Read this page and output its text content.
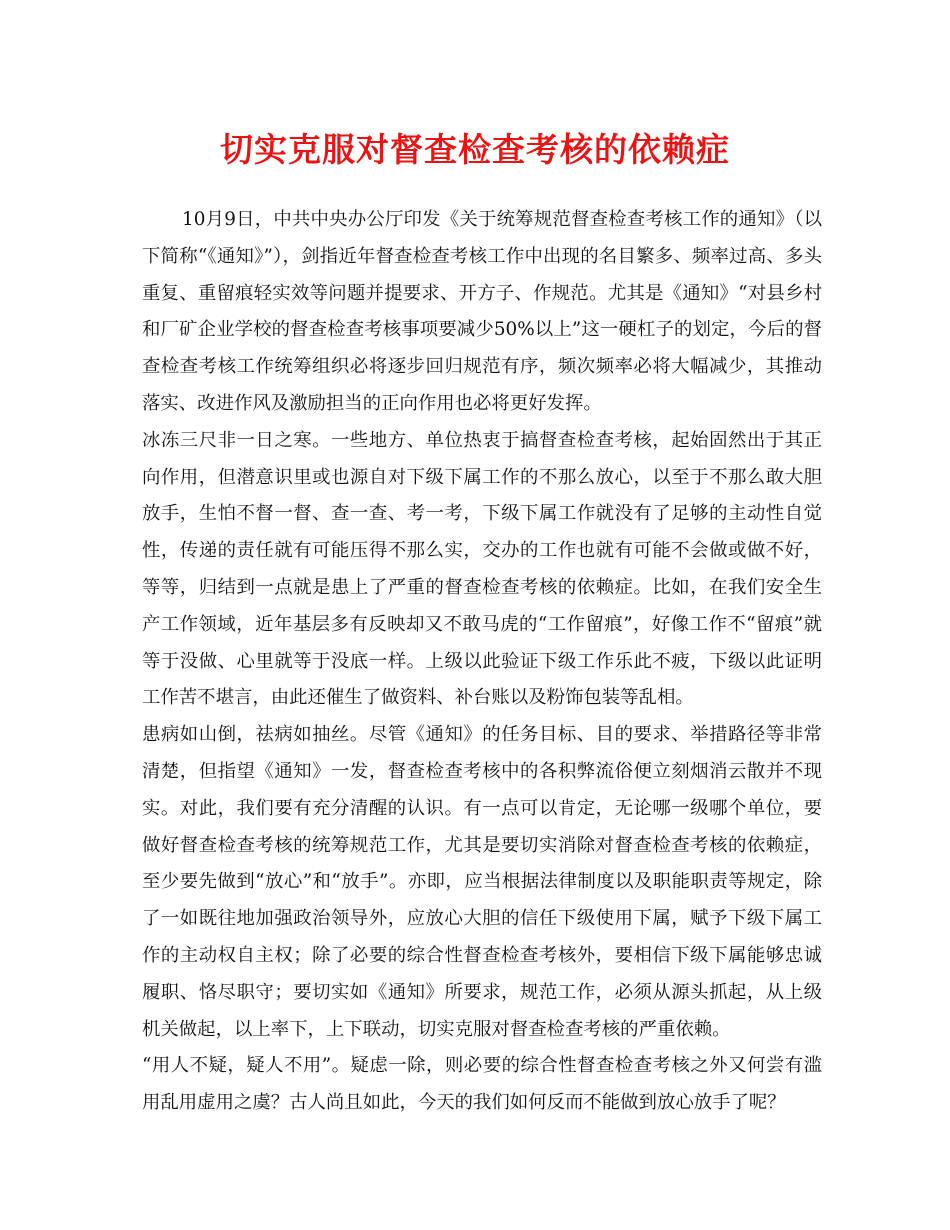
切实克服对督查检查考核的依赖症

10月9日，中共中央办公厅印发《关于统筹规范督查检查考核工作的通知》（以下简称“《通知》”），剑指近年督查检查考核工作中出现的名目繁多、频率过高、多头重复、重留痕轻实效等问题并提要求、开方子、作规范。尤其是《通知》“对县乡村和厂矿企业学校的督查检查考核事项要减少50%以上”这一硬杠子的划定，今后的督查检查考核工作统筹组织必将逐步回归规范有序，频次频率必将大幅减少，其推动落实、改进作风及激励担当的正向作用也必将更好发挥。

冰冻三尺非一日之寒。一些地方、单位热衷于搞督查检查考核，起始固然出于其正向作用，但潜意识里或也源自对下级下属工作的不那么放心，以至于不那么敢大胆放手，生怕不督一督、查一查、考一考，下级下属工作就没有了足够的主动性自觉性，传递的责任就有可能压得不那么实，交办的工作也就有可能不会做或做不好，等等，归结到一点就是患上了严重的督查检查考核的依赖症。比如，在我们安全生产工作领域，近年基层多有反映却又不敢马虎的“工作留痕”，好像工作不“留痕”就等于没做、心里就等于没底一样。上级以此验证下级工作乐此不疲，下级以此证明工作苦不堪言，由此还催生了做资料、补台账以及粉饰包装等乱相。

患病如山倒，祛病如抽丝。尽管《通知》的任务目标、目的要求、举措路径等非常清楚，但指望《通知》一发，督查检查考核中的各积弊流俗便立刻烟消云散并不现实。对此，我们要有充分清醒的认识。有一点可以肯定，无论哪一级哪个单位，要做好督查检查考核的统筹规范工作，尤其是要切实消除对督查检查考核的依赖症，至少要先做到“放心”和“放手”。亦即，应当根据法律制度以及职能职责等规定，除了一如既往地加强政治领导外，应放心大胆的信任下级使用下属，赋予下级下属工作的主动权自主权；除了必要的综合性督查检查考核外，要相信下级下属能够忠诚履职、恪尽职守；要切实如《通知》所要求，规范工作，必须从源头抓起，从上级机关做起，以上率下，上下联动，切实克服对督查检查考核的严重依赖。

“用人不疑，疑人不用”。疑虑一除，则必要的综合性督查检查考核之外又何尝有滥用乱用虚用之虞？古人尚且如此，今天的我们如何反而不能做到放心放手了呢？
